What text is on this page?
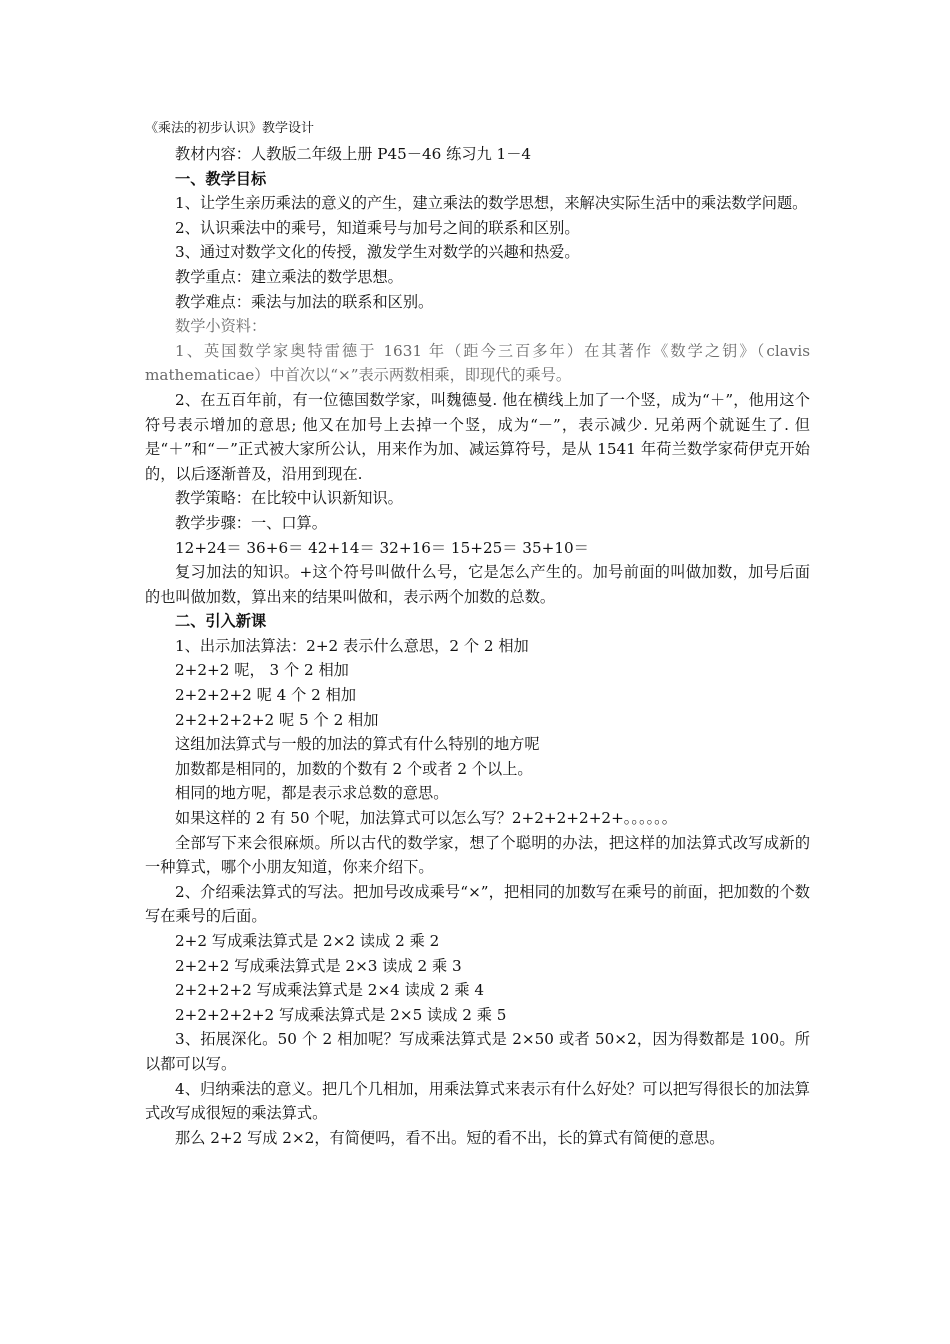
《乘法的初步认识》教学设计

教材内容：人教版二年级上册 P45－46 练习九 1－4

一、教学目标

1、让学生亲历乘法的意义的产生，建立乘法的数学思想，来解决实际生活中的乘法数学问题。

2、认识乘法中的乘号，知道乘号与加号之间的联系和区别。

3、通过对数学文化的传授，激发学生对数学的兴趣和热爱。

教学重点：建立乘法的数学思想。

教学难点：乘法与加法的联系和区别。

数学小资料：

1、英国数学家奥特雷德于 1631 年（距今三百多年）在其著作《数学之钥》（clavis mathematicae）中首次以“×”表示两数相乘，即现代的乘号。

2、在五百年前，有一位德国数学家，叫魏德曼. 他在横线上加了一个竖，成为“＋”，他用这个符号表示增加的意思; 他又在加号上去掉一个竖，成为“－”，表示减少. 兄弟两个就诞生了. 但是“＋”和“－”正式被大家所公认，用来作为加、减运算符号，是从 1541 年荷兰数学家荷伊克开始的，以后逐渐普及，沿用到现在.

教学策略：在比较中认识新知识。

教学步骤：一、口算。

12+24＝ 36+6＝ 42+14＝ 32+16＝ 15+25＝ 35+10＝

复习加法的知识。+这个符号叫做什么号，它是怎么产生的。加号前面的叫做加数，加号后面的也叫做加数，算出来的结果叫做和，表示两个加数的总数。

二、引入新课

1、出示加法算法：2+2 表示什么意思，2 个 2 相加

2+2+2 呢， 3 个 2 相加

2+2+2+2 呢 4 个 2 相加

2+2+2+2+2 呢 5 个 2 相加

这组加法算式与一般的加法的算式有什么特别的地方呢

加数都是相同的，加数的个数有 2 个或者 2 个以上。

相同的地方呢，都是表示求总数的意思。

如果这样的 2 有 50 个呢，加法算式可以怎么写？2+2+2+2+2+。。。。。。

全部写下来会很麻烦。所以古代的数学家，想了个聪明的办法，把这样的加法算式改写成新的一种算式，哪个小朋友知道，你来介绍下。

2、介绍乘法算式的写法。把加号改成乘号“×”，把相同的加数写在乘号的前面，把加数的个数写在乘号的后面。

2+2 写成乘法算式是 2×2 读成 2 乘 2

2+2+2 写成乘法算式是 2×3 读成 2 乘 3

2+2+2+2 写成乘法算式是 2×4 读成 2 乘 4

2+2+2+2+2 写成乘法算式是 2×5 读成 2 乘 5

3、拓展深化。50 个 2 相加呢？写成乘法算式是 2×50 或者 50×2，因为得数都是 100。所以都可以写。

4、归纳乘法的意义。把几个几相加，用乘法算式来表示有什么好处？可以把写得很长的加法算式改写成很短的乘法算式。

那么 2+2 写成 2×2，有简便吗，看不出。短的看不出，长的算式有简便的意思。
